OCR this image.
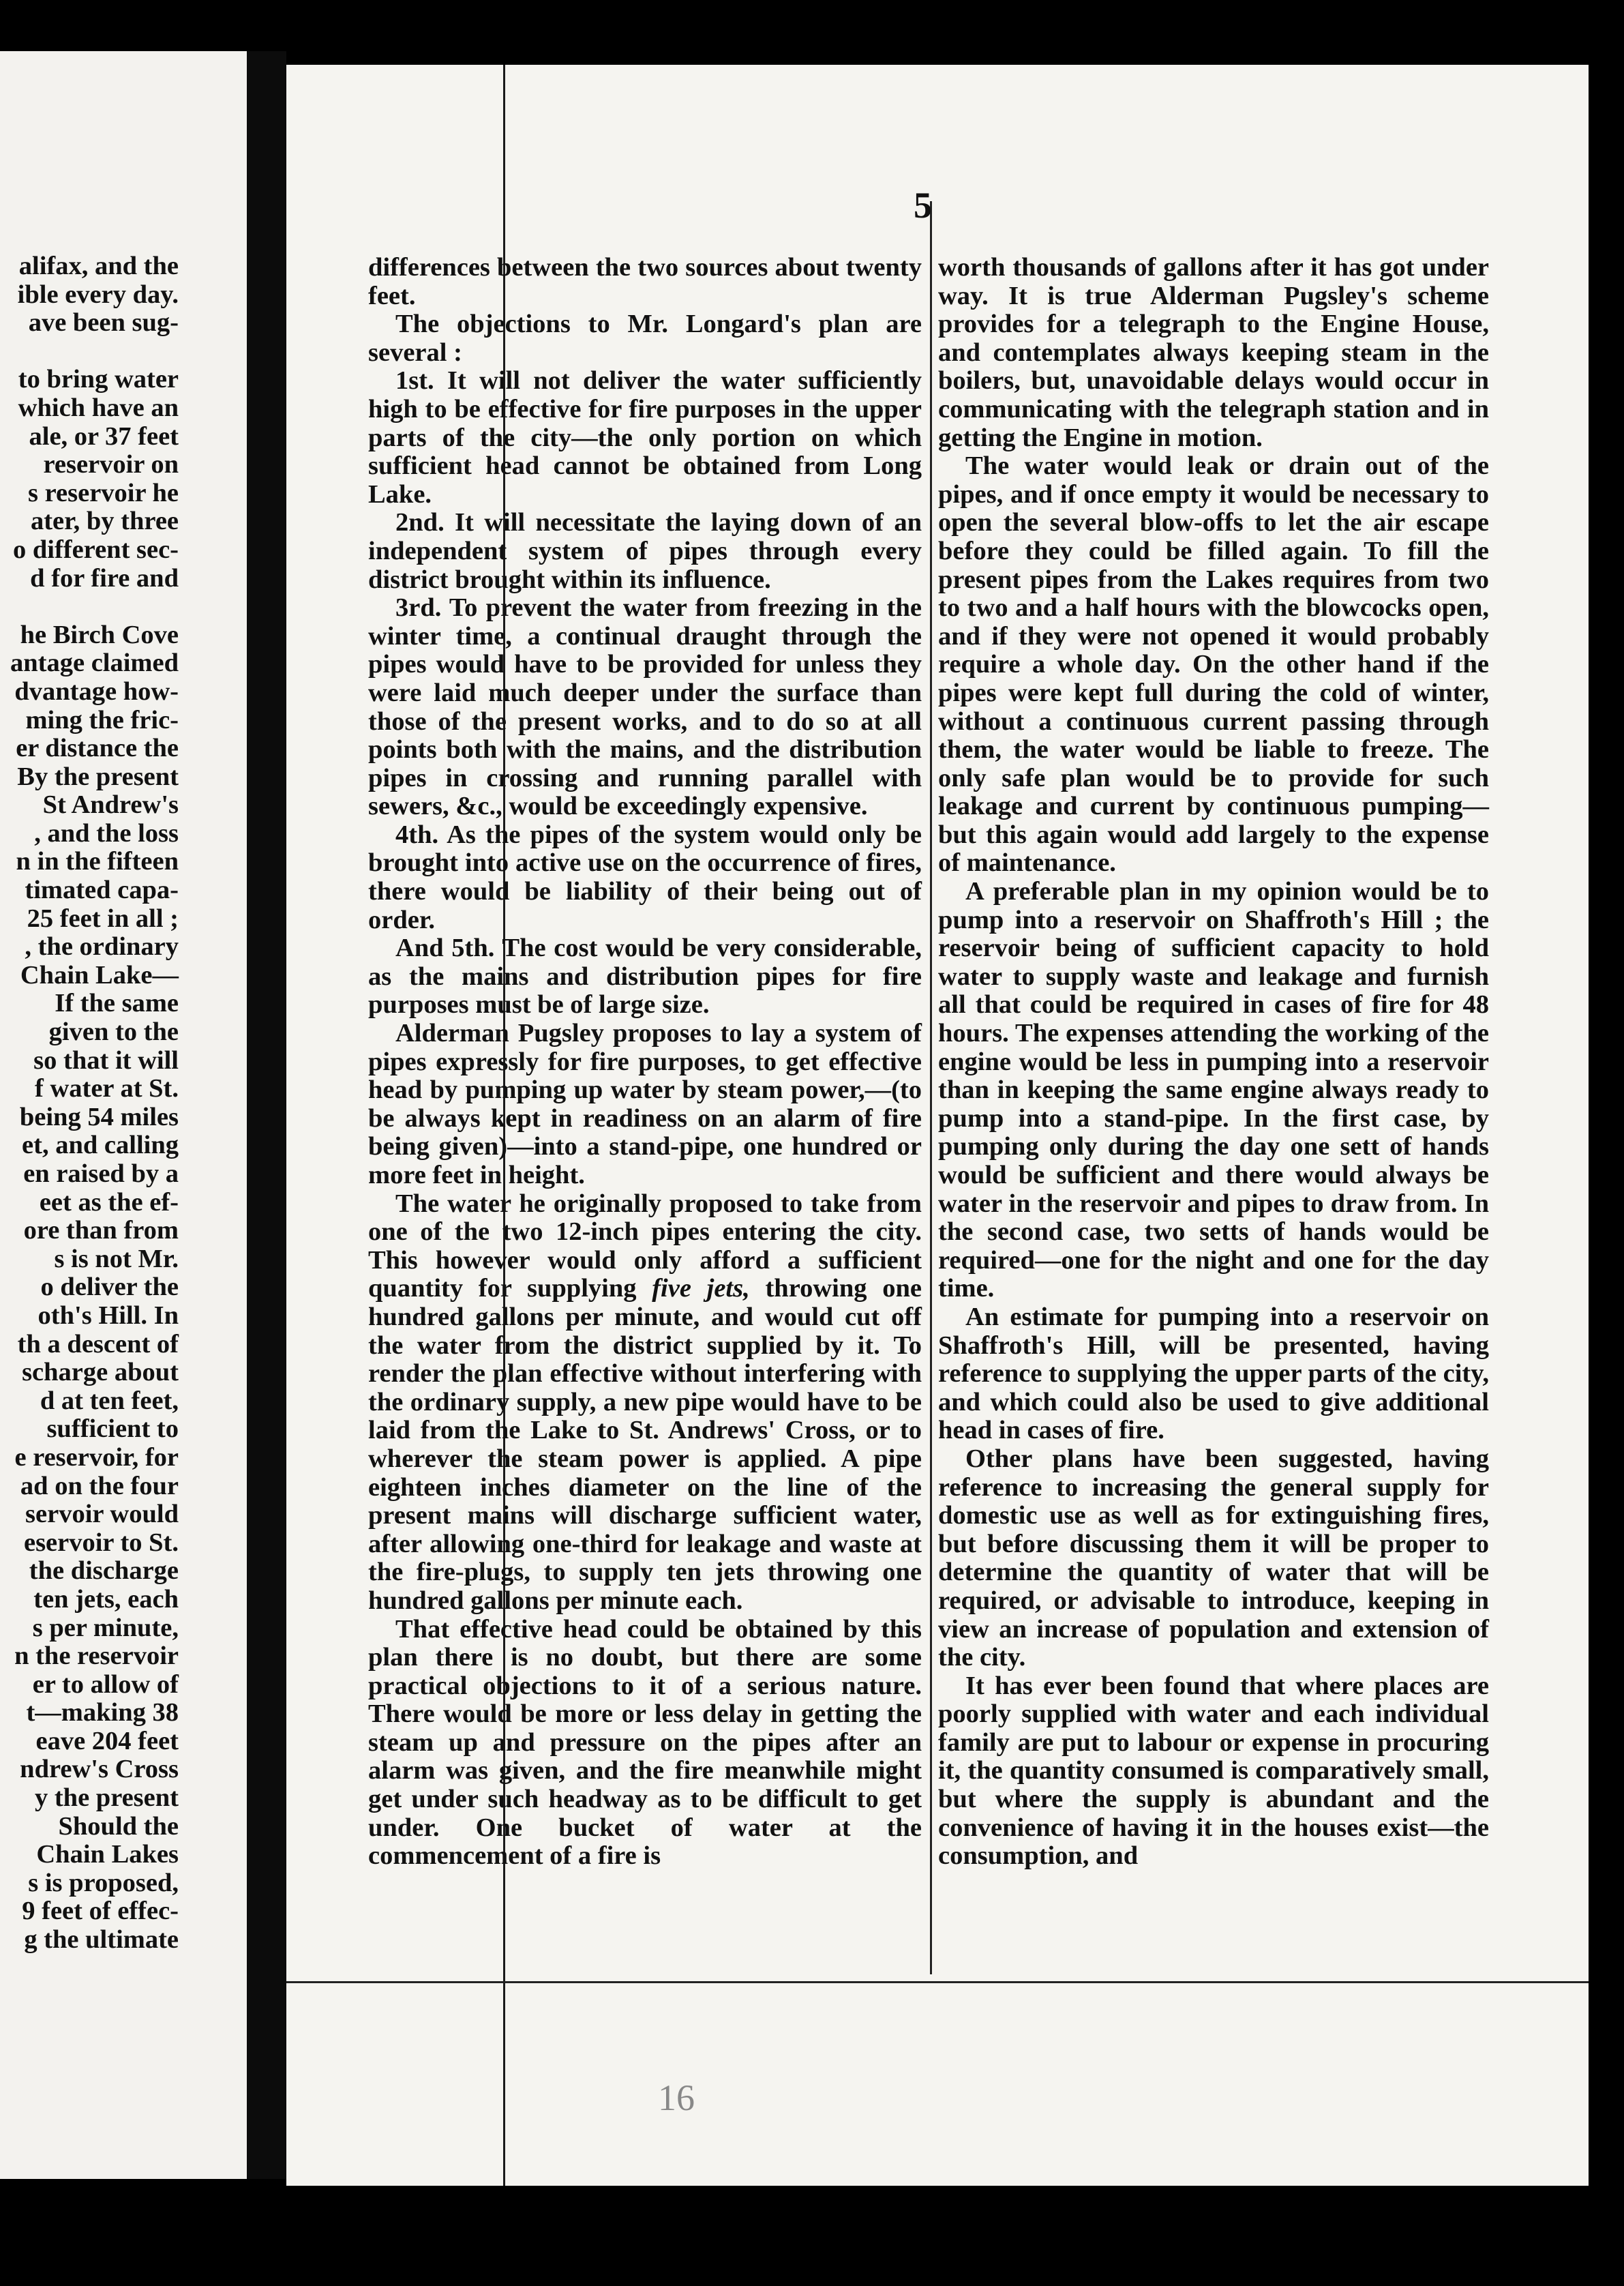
5
alifax, and the
ible every day.
ave been sug-

to bring water
which have an
ale, or 37 feet
reservoir on
s reservoir he
ater, by three
o different sec-
d for fire and

he Birch Cove
antage claimed
dvantage how-
ming the fric-
er distance the
By the present
St Andrew's
, and the loss
n in the fifteen
timated capa-
25 feet in all ;
, the ordinary
Chain Lake—
If the same
given to the
so that it will
f water at St.
being 54 miles
et, and calling
en raised by a
eet as the ef-
ore than from
s is not Mr.
o deliver the
oth's Hill. In
th a descent of
scharge about
d at ten feet,
sufficient to
e reservoir, for
ad on the four
servoir would
eservoir to St.
the discharge
ten jets, each
s per minute,
n the reservoir
er to allow of
t—making 38
eave 204 feet
ndrew's Cross
y the present
Should the
Chain Lakes
s is proposed,
9 feet of effec-
g the ultimate

differences between the two sources about twenty feet.

The objections to Mr. Longard's plan are several :

1st. It will not deliver the water sufficiently high to be effective for fire purposes in the upper parts of the city—the only portion on which sufficient head cannot be obtained from Long Lake.

2nd. It will necessitate the laying down of an independent system of pipes through every district brought within its influence.

3rd. To prevent the water from freezing in the winter time, a continual draught through the pipes would have to be provided for unless they were laid much deeper under the surface than those of the present works, and to do so at all points both with the mains, and the distribution pipes in crossing and running parallel with sewers, &c., would be exceedingly expensive.

4th. As the pipes of the system would only be brought into active use on the occurrence of fires, there would be liability of their being out of order.

And 5th. The cost would be very considerable, as the mains and distribution pipes for fire purposes must be of large size.

Alderman Pugsley proposes to lay a system of pipes expressly for fire purposes, to get effective head by pumping up water by steam power,—(to be always kept in readiness on an alarm of fire being given)—into a stand-pipe, one hundred or more feet in height.

The water he originally proposed to take from one of the two 12-inch pipes entering the city. This however would only afford a sufficient quantity for supplying five jets, throwing one hundred gallons per minute, and would cut off the water from the district supplied by it. To render the plan effective without interfering with the ordinary supply, a new pipe would have to be laid from the Lake to St. Andrews' Cross, or to wherever the steam power is applied. A pipe eighteen inches diameter on the line of the present mains will discharge sufficient water, after allowing one-third for leakage and waste at the fire-plugs, to supply ten jets throwing one hundred gallons per minute each.

That effective head could be obtained by this plan there is no doubt, but there are some practical objections to it of a serious nature. There would be more or less delay in getting the steam up and pressure on the pipes after an alarm was given, and the fire meanwhile might get under such headway as to be difficult to get under. One bucket of water at the commencement of a fire is

worth thousands of gallons after it has got under way. It is true Alderman Pugsley's scheme provides for a telegraph to the Engine House, and contemplates always keeping steam in the boilers, but, unavoidable delays would occur in communicating with the telegraph station and in getting the Engine in motion.

The water would leak or drain out of the pipes, and if once empty it would be necessary to open the several blow-offs to let the air escape before they could be filled again. To fill the present pipes from the Lakes requires from two to two and a half hours with the blowcocks open, and if they were not opened it would probably require a whole day. On the other hand if the pipes were kept full during the cold of winter, without a continuous current passing through them, the water would be liable to freeze. The only safe plan would be to provide for such leakage and current by continuous pumping—but this again would add largely to the expense of maintenance.

A preferable plan in my opinion would be to pump into a reservoir on Shaffroth's Hill ; the reservoir being of sufficient capacity to hold water to supply waste and leakage and furnish all that could be required in cases of fire for 48 hours. The expenses attending the working of the engine would be less in pumping into a reservoir than in keeping the same engine always ready to pump into a stand-pipe. In the first case, by pumping only during the day one sett of hands would be sufficient and there would always be water in the reservoir and pipes to draw from. In the second case, two setts of hands would be required—one for the night and one for the day time.

An estimate for pumping into a reservoir on Shaffroth's Hill, will be presented, having reference to supplying the upper parts of the city, and which could also be used to give additional head in cases of fire.

Other plans have been suggested, having reference to increasing the general supply for domestic use as well as for extinguishing fires, but before discussing them it will be proper to determine the quantity of water that will be required, or advisable to introduce, keeping in view an increase of population and extension of the city.

It has ever been found that where places are poorly supplied with water and each individual family are put to labour or expense in procuring it, the quantity consumed is comparatively small, but where the supply is abundant and the convenience of having it in the houses exist—the consumption, and

16
